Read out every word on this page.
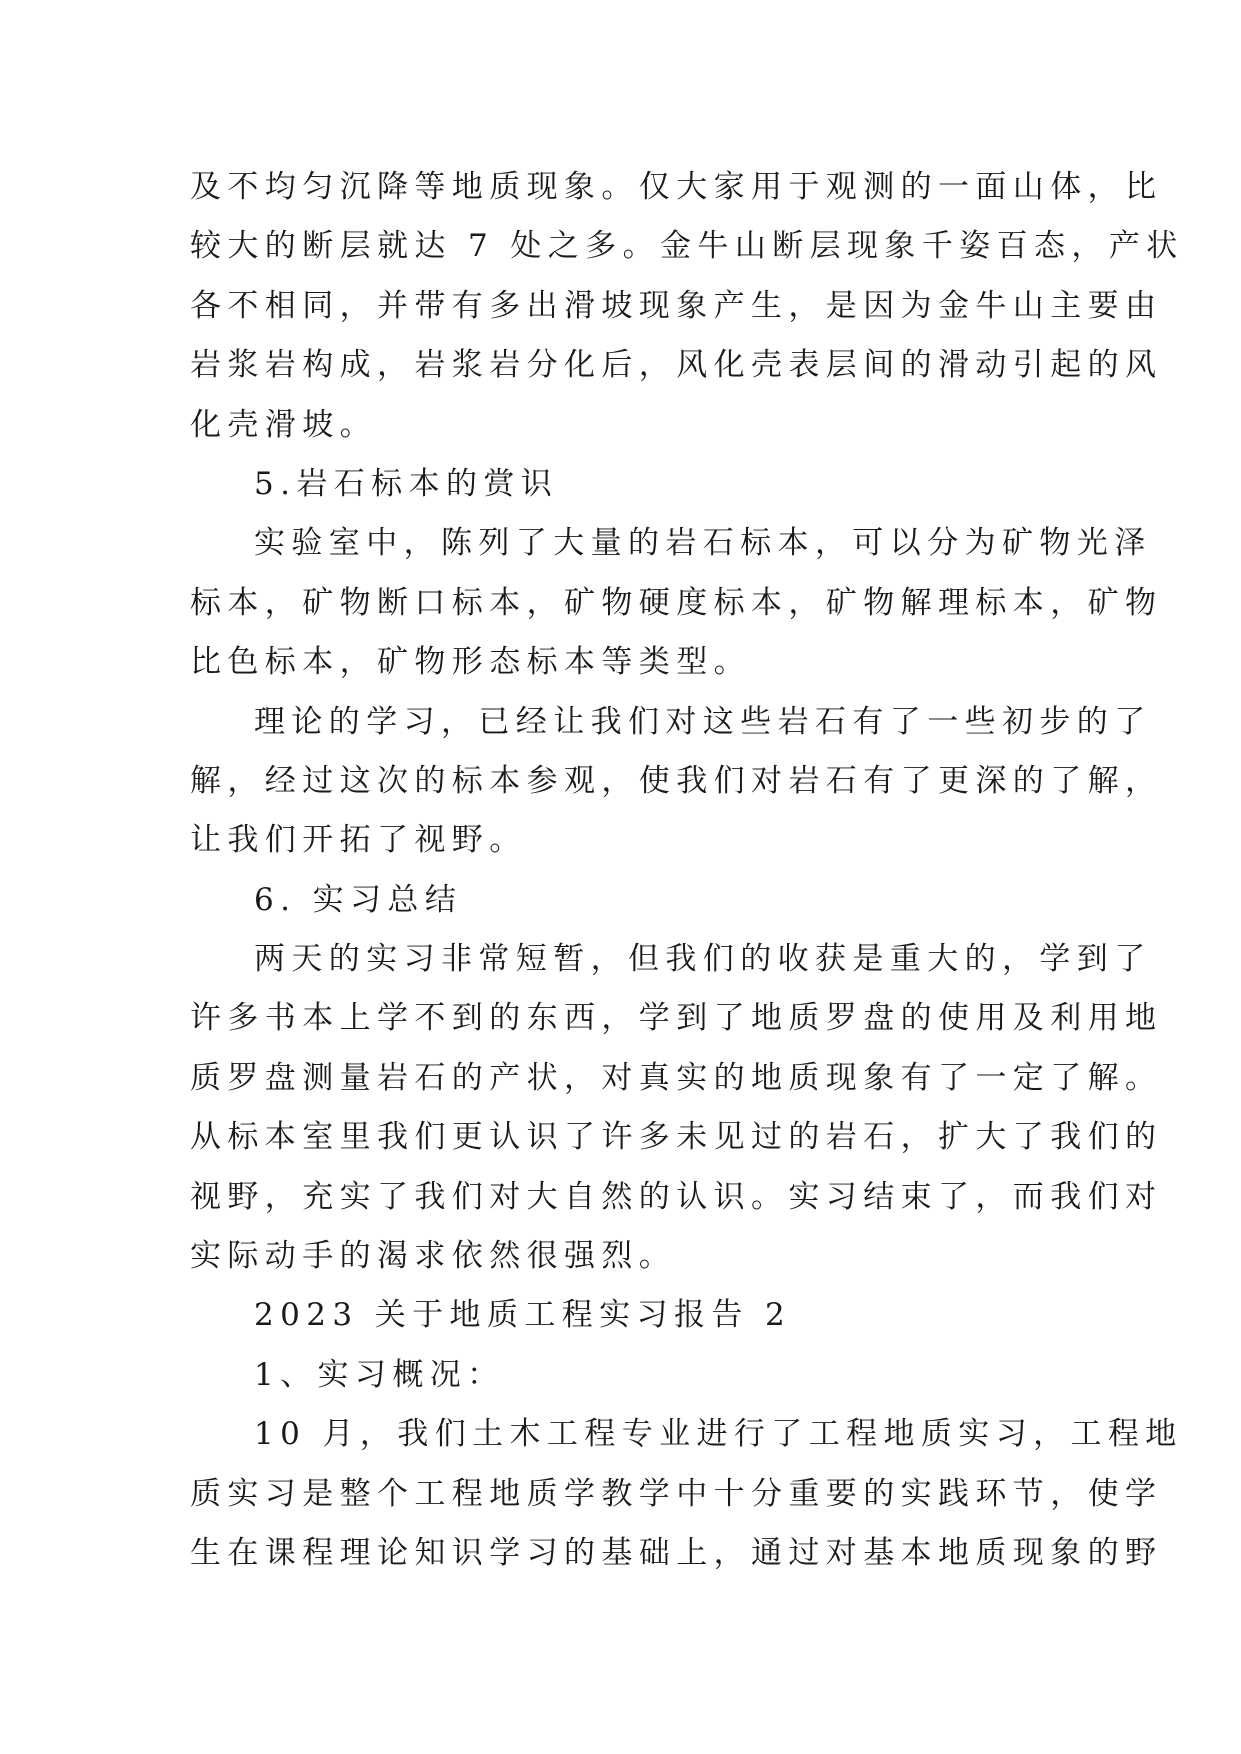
及不均匀沉降等地质现象。仅大家用于观测的一面山体，比
较大的断层就达 7 处之多。金牛山断层现象千姿百态，产状
各不相同，并带有多出滑坡现象产生，是因为金牛山主要由
岩浆岩构成，岩浆岩分化后，风化壳表层间的滑动引起的风
化壳滑坡。
5.岩石标本的赏识
实验室中，陈列了大量的岩石标本，可以分为矿物光泽
标本，矿物断口标本，矿物硬度标本，矿物解理标本，矿物
比色标本，矿物形态标本等类型。
理论的学习，已经让我们对这些岩石有了一些初步的了
解，经过这次的标本参观，使我们对岩石有了更深的了解，
让我们开拓了视野。
6. 实习总结
两天的实习非常短暂，但我们的收获是重大的，学到了
许多书本上学不到的东西，学到了地质罗盘的使用及利用地
质罗盘测量岩石的产状，对真实的地质现象有了一定了解。
从标本室里我们更认识了许多未见过的岩石，扩大了我们的
视野，充实了我们对大自然的认识。实习结束了，而我们对
实际动手的渴求依然很强烈。
2023 关于地质工程实习报告 2
1、实习概况：
10 月，我们土木工程专业进行了工程地质实习，工程地
质实习是整个工程地质学教学中十分重要的实践环节，使学
生在课程理论知识学习的基础上，通过对基本地质现象的野
